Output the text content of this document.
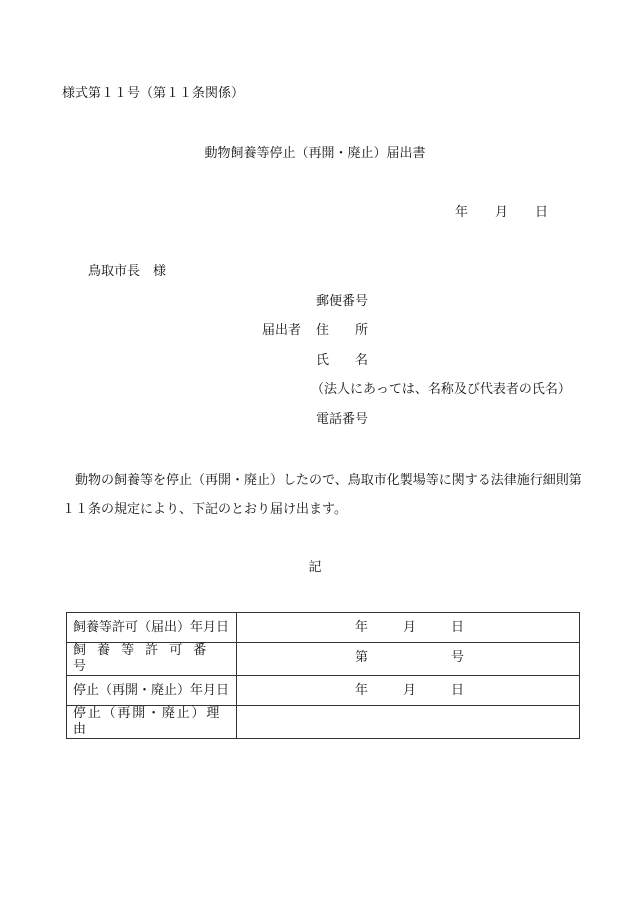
様式第１１号（第１１条関係）
動物飼養等停止（再開・廃止）届出書
年 月 日
鳥取市長　様
郵便番号
届出者 住　　所
氏　　名
（法人にあっては、名称及び代表者の氏名）
電話番号
動物の飼養等を停止（再開・廃止）したので、鳥取市化製場等に関する法律施行細則第１１条の規定により、下記のとおり届け出ます。
記
飼養等許可（届出）年月日	年 月 日

飼養等許可番号	第 号

停止（再開・廃止）年月日	年 月 日

停止（再開・廃止）理由	
